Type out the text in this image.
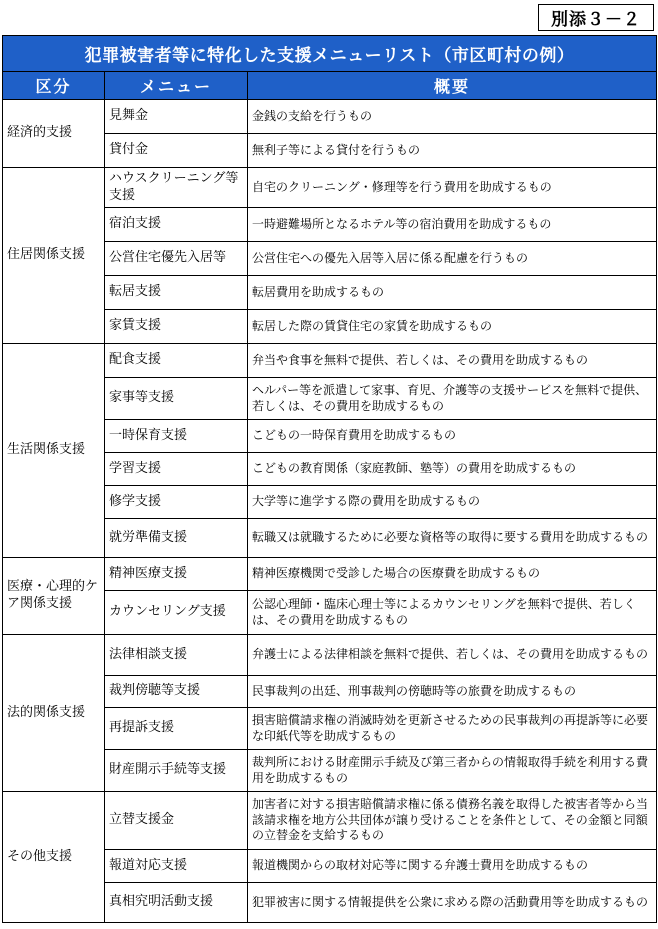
別添３－２
犯罪被害者等に特化した支援メニューリスト（市区町村の例）		
区分	メニュー	概要
経済的支援	見舞金	金銭の支給を行うもの
	貸付金	無利子等による貸付を行うもの
住居関係支援	ハウスクリーニング等支援	自宅のクリーニング・修理等を行う費用を助成するもの
	宿泊支援	一時避難場所となるホテル等の宿泊費用を助成するもの
	公営住宅優先入居等	公営住宅への優先入居等入居に係る配慮を行うもの
	転居支援	転居費用を助成するもの
	家賃支援	転居した際の賃貸住宅の家賃を助成するもの
生活関係支援	配食支援	弁当や食事を無料で提供、若しくは、その費用を助成するもの
	家事等支援	ヘルパー等を派遣して家事、育児、介護等の支援サービスを無料で提供、若しくは、その費用を助成するもの
	一時保育支援	こどもの一時保育費用を助成するもの
	学習支援	こどもの教育関係（家庭教師、塾等）の費用を助成するもの
	修学支援	大学等に進学する際の費用を助成するもの
	就労準備支援	転職又は就職するために必要な資格等の取得に要する費用を助成するもの
医療・心理的ケア関係支援	精神医療支援	精神医療機関で受診した場合の医療費を助成するもの
	カウンセリング支援	公認心理師・臨床心理士等によるカウンセリングを無料で提供、若しくは、その費用を助成するもの
法的関係支援	法律相談支援	弁護士による法律相談を無料で提供、若しくは、その費用を助成するもの
	裁判傍聴等支援	民事裁判の出廷、刑事裁判の傍聴時等の旅費を助成するもの
	再提訴支援	損害賠償請求権の消滅時効を更新させるための民事裁判の再提訴等に必要な印紙代等を助成するもの
	財産開示手続等支援	裁判所における財産開示手続及び第三者からの情報取得手続を利用する費用を助成するもの
その他支援	立替支援金	加害者に対する損害賠償請求権に係る債務名義を取得した被害者等から当該請求権を地方公共団体が譲り受けることを条件として、その金額と同額の立替金を支給するもの
	報道対応支援	報道機関からの取材対応等に関する弁護士費用を助成するもの
	真相究明活動支援	犯罪被害に関する情報提供を公衆に求める際の活動費用等を助成するもの
